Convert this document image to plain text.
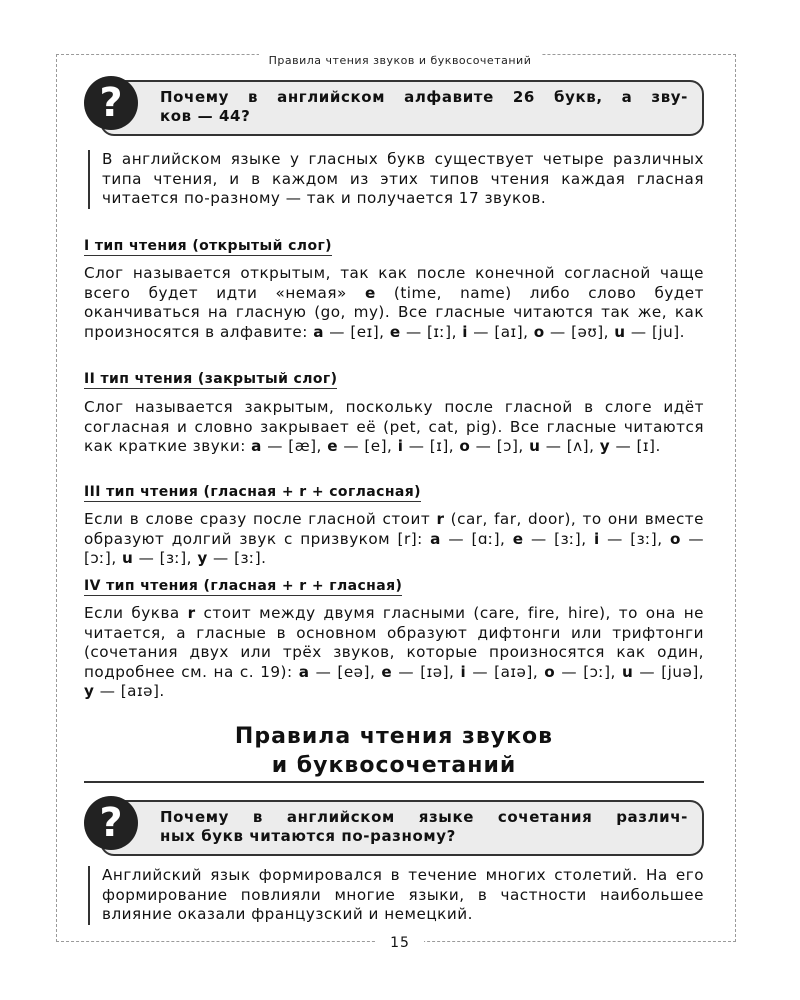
Правила чтения звуков и буквосочетаний
?	Почему в английском алфавите 26 букв, а зву-
ков — 44?
В английском языке у гласных букв существует четыре различных типа чтения, и в каждом из этих типов чтения каждая гласная читается по-разному — так и получается 17 звуков.
I тип чтения (открытый слог)
Слог называется открытым, так как после конечной согласной чаще всего будет идти «немая» e (time, name) либо слово будет оканчиваться на гласную (go, my). Все гласные читаются так же, как произносятся в алфавите: a — [eɪ], e — [ɪː], i — [aɪ], o — [əʊ], u — [ju].
II тип чтения (закрытый слог)
Слог называется закрытым, поскольку после гласной в слоге идёт согласная и словно закрывает её (pet, cat, pig). Все гласные читаются как краткие звуки: a — [æ], e — [e], i — [ɪ], o — [ɔ], u — [ʌ], y — [ɪ].
III тип чтения (гласная + r + согласная)
Если в слове сразу после гласной стоит r (car, far, door), то они вместе образуют долгий звук с призвуком [r]: a — [ɑː], e — [ɜː], i — [ɜː], o — [ɔː], u — [ɜː], y — [ɜː].
IV тип чтения (гласная + r + гласная)
Если буква r стоит между двумя гласными (care, fire, hire), то она не читается, а гласные в основном образуют дифтонги или трифтонги (сочетания двух или трёх звуков, которые произносятся как один, подробнее см. на с. 19): a — [eə], e — [ɪə], i — [aɪə], o — [ɔː], u — [juə], y — [aɪə].
Правила чтения звуков
и буквосочетаний
?	Почему в английском языке сочетания различ-
ных букв читаются по-разному?
Английский язык формировался в течение многих столетий. На его формирование повлияли многие языки, в частности наибольшее влияние оказали французский и немецкий.
15
